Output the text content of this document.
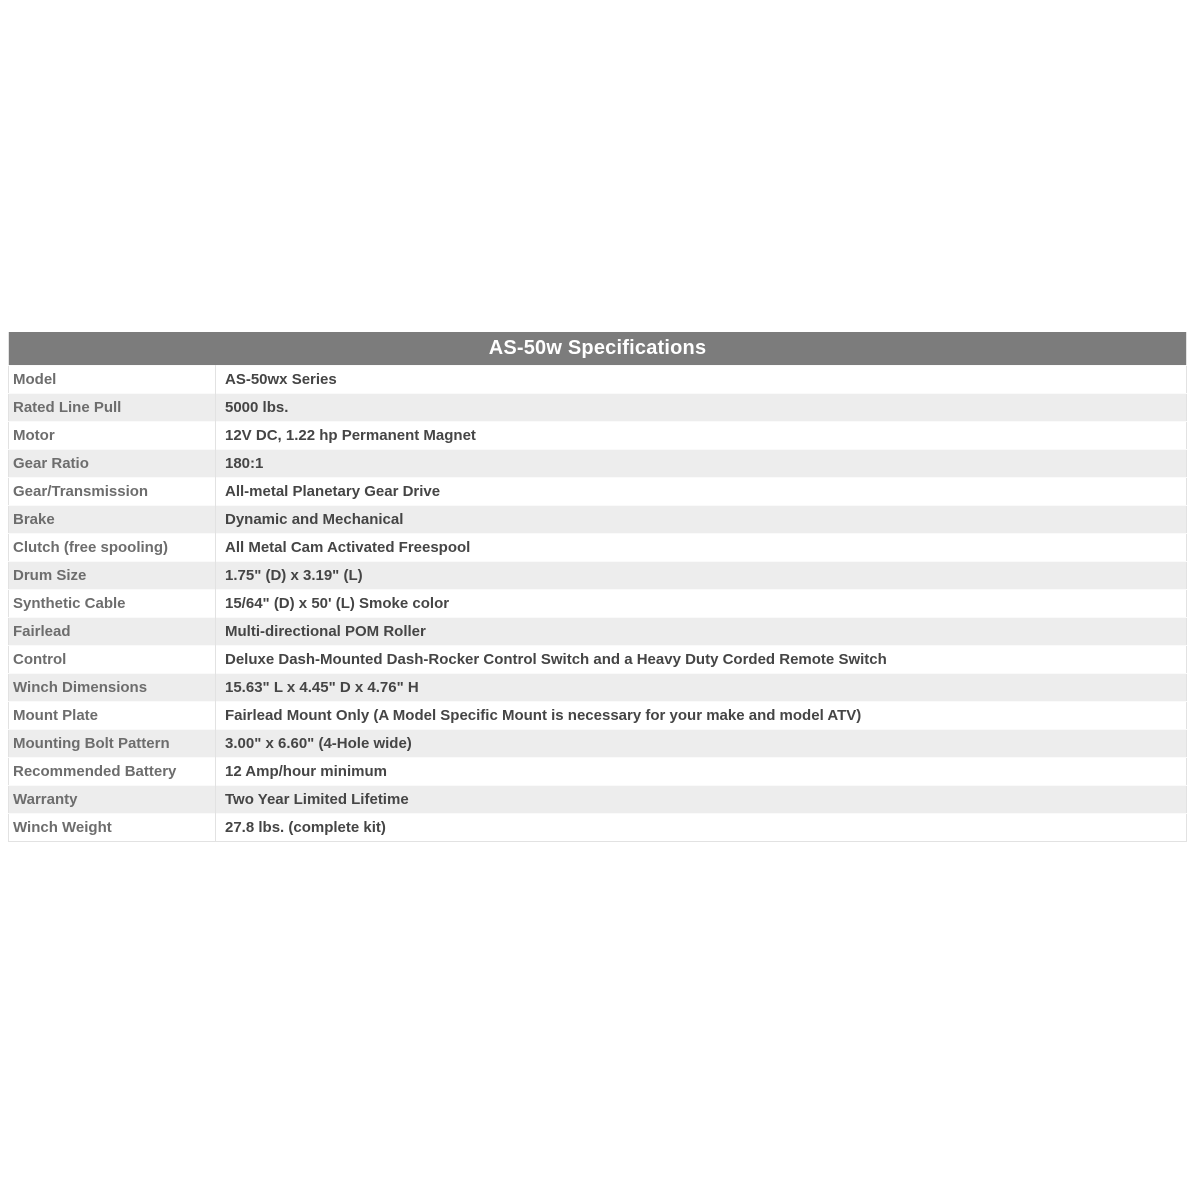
AS-50w Specifications	
Model	AS-50wx Series
Rated Line Pull	5000 lbs.
Motor	12V DC, 1.22 hp Permanent Magnet
Gear Ratio	180:1
Gear/Transmission	All-metal Planetary Gear Drive
Brake	Dynamic and Mechanical
Clutch (free spooling)	All Metal Cam Activated Freespool
Drum Size	1.75" (D) x 3.19" (L)
Synthetic Cable	15/64" (D) x 50' (L) Smoke color
Fairlead	Multi-directional POM Roller
Control	Deluxe Dash-Mounted Dash-Rocker Control Switch and a Heavy Duty Corded Remote Switch
Winch Dimensions	15.63" L x 4.45" D x 4.76" H
Mount Plate	Fairlead Mount Only (A Model Specific Mount is necessary for your make and model ATV)
Mounting Bolt Pattern	3.00" x 6.60" (4-Hole wide)
Recommended Battery	12 Amp/hour minimum
Warranty	Two Year Limited Lifetime
Winch Weight	27.8 lbs. (complete kit)
